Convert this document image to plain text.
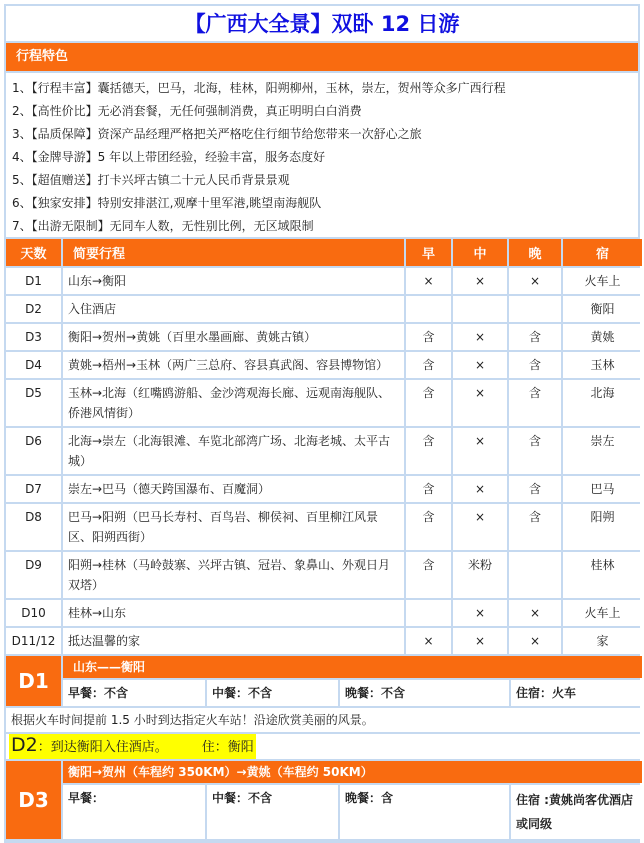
【广西大全景】双卧 12 日游
行程特色
1、【行程丰富】囊括德天，巴马，北海，桂林，阳朔柳州，玉林，崇左，贺州等众多广西行程
2、【高性价比】无必消套餐，无任何强制消费，真正明明白白消费
3、【品质保障】资深产品经理严格把关严格吃住行细节给您带来一次舒心之旅
4、【金牌导游】5 年以上带团经验，经验丰富，服务态度好
5、【超值赠送】打卡兴坪古镇二十元人民币背景景观
6、【独家安排】特别安排湛江,观摩十里军港,眺望南海舰队
7、【出游无限制】无同车人数，无性别比例，无区域限制
天数	简要行程	早	中	晚	宿
D1	山东→衡阳	×	×	×	火车上
D2	入住酒店				衡阳
D3	衡阳→贺州→黄姚（百里水墨画廊、黄姚古镇）	含	×	含	黄姚
D4	黄姚→梧州→玉林（两广三总府、容县真武阁、容县博物馆）	含	×	含	玉林
D5	玉林→北海（红嘴鸥游船、金沙湾观海长廊、远观南海舰队、侨港风情街）	含	×	含	北海
D6	北海→崇左（北海银滩、车览北部湾广场、北海老城、太平古城）	含	×	含	崇左
D7	崇左→巴马（德天跨国瀑布、百魔洞）	含	×	含	巴马
D8	巴马→阳朔（巴马长寿村、百鸟岩、柳侯祠、百里柳江风景区、阳朔西街）	含	×	含	阳朔
D9	阳朔→桂林（马岭鼓寨、兴坪古镇、冠岩、象鼻山、外观日月双塔）	含	米粉		桂林
D10	桂林→山东		×	×	火车上
D11/12	抵达温馨的家	×	×	×	家
D1	山东——衡阳			
	早餐：不含	中餐：不含	晚餐：不含	住宿：火车
根据火车时间提前 1.5 小时到达指定火车站！沿途欣赏美丽的风景。				
D2：到达衡阳入住酒店。 住：衡阳				
D3	衡阳→贺州（车程约 350KM）→黄姚（车程约 50KM）			
	早餐：	中餐：不含	晚餐：含	住宿 :黄姚尚客优酒店或同级
